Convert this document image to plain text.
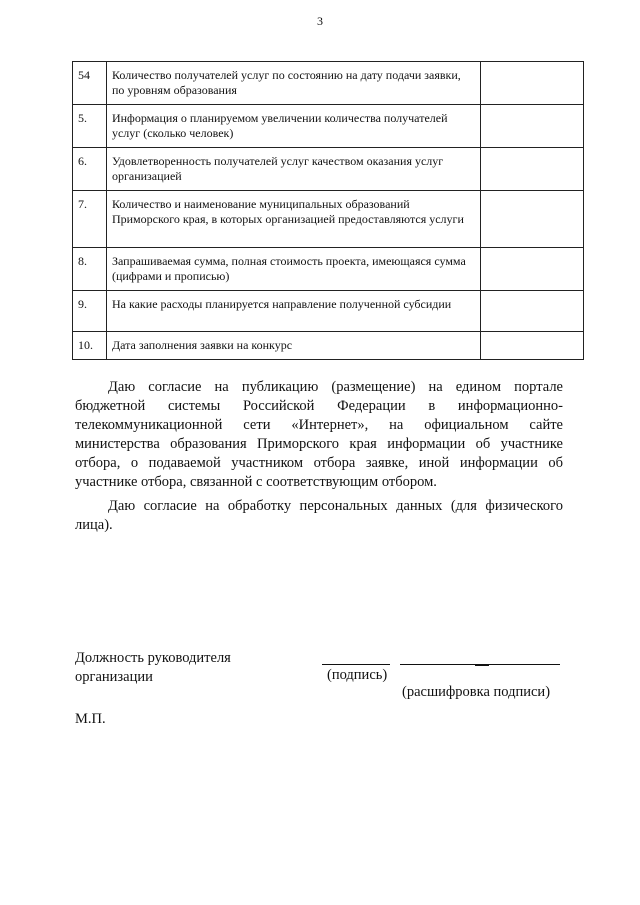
3
54	Количество получателей услуг по состоянию на дату подачи заявки, по уровням образования	
5.	Информация о планируемом увеличении количества получателей услуг (сколько человек)	
6.	Удовлетворенность получателей услуг качеством оказания услуг организацией	
7.	Количество и наименование муниципальных образований Приморского края, в которых организацией предоставляются услуги	
8.	Запрашиваемая сумма, полная стоимость проекта, имеющаяся сумма (цифрами и прописью)	
9.	На какие расходы планируется направление полученной субсидии	
10.	Дата заполнения заявки на конкурс	
Даю согласие на публикацию (размещение) на едином портале бюджетной системы Российской Федерации в информационно-телекоммуникационной сети «Интернет», на официальном сайте министерства образования Приморского края информации об участнике отбора, о подаваемой участником отбора заявке, иной информации об участнике отбора, связанной с соответствующим отбором.
Даю согласие на обработку персональных данных (для физического лица).
Должность руководителя
организации	(подпись)
(расшифровка подписи)
М.П.
